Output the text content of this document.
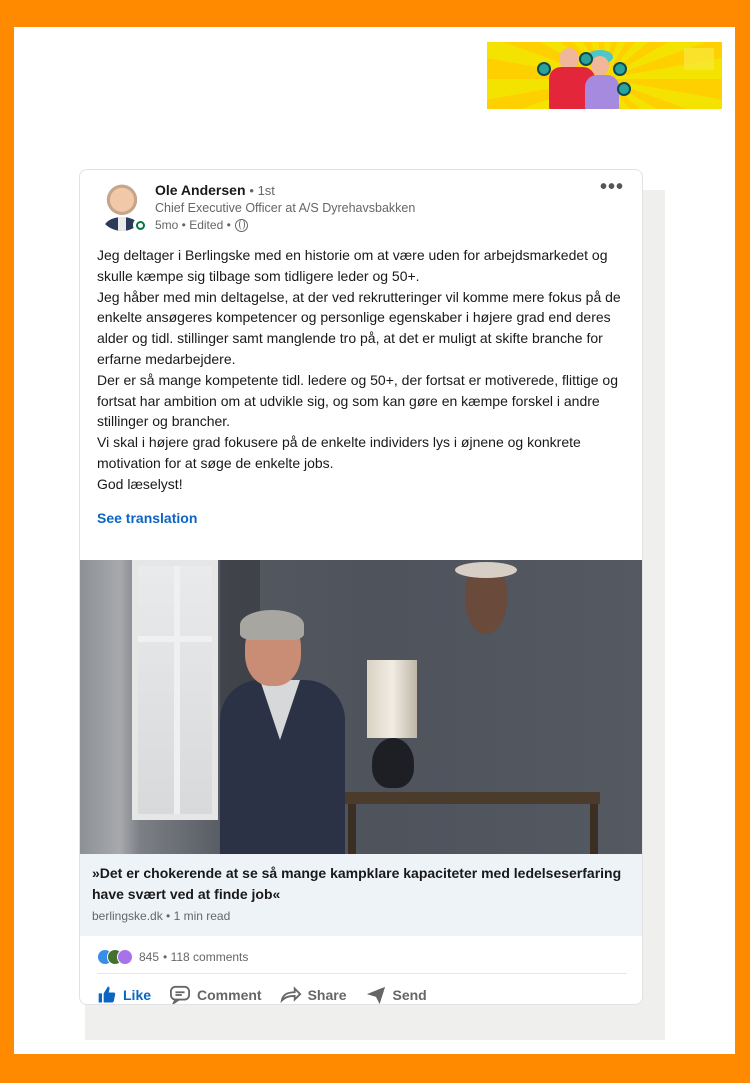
Ole Andersen • 1st
Chief Executive Officer at A/S Dyrehavsbakken
5mo • Edited •
•••

Jeg deltager i Berlingske med en historie om at være uden for arbejdsmarkedet og skulle kæmpe sig tilbage som tidligere leder og 50+.

Jeg håber med min deltagelse, at der ved rekrutteringer vil komme mere fokus på de enkelte ansøgeres kompetencer og personlige egenskaber i højere grad end deres alder og tidl. stillinger samt manglende tro på, at det er muligt at skifte branche for erfarne medarbejdere.

Der er så mange kompetente tidl. ledere og 50+, der fortsat er motiverede, flittige og fortsat har ambition om at udvikle sig, og som kan gøre en kæmpe forskel i andre stillinger og brancher.

Vi skal i højere grad fokusere på de enkelte individers lys i øjnene og konkrete motivation for at søge de enkelte jobs.

God læselyst!

See translation
»Det er chokerende at se så mange kampklare kapaciteter med ledelseserfaring have svært ved at finde job«
berlingske.dk • 1 min read
845 • 118 comments
Like	Comment	Share	Send
